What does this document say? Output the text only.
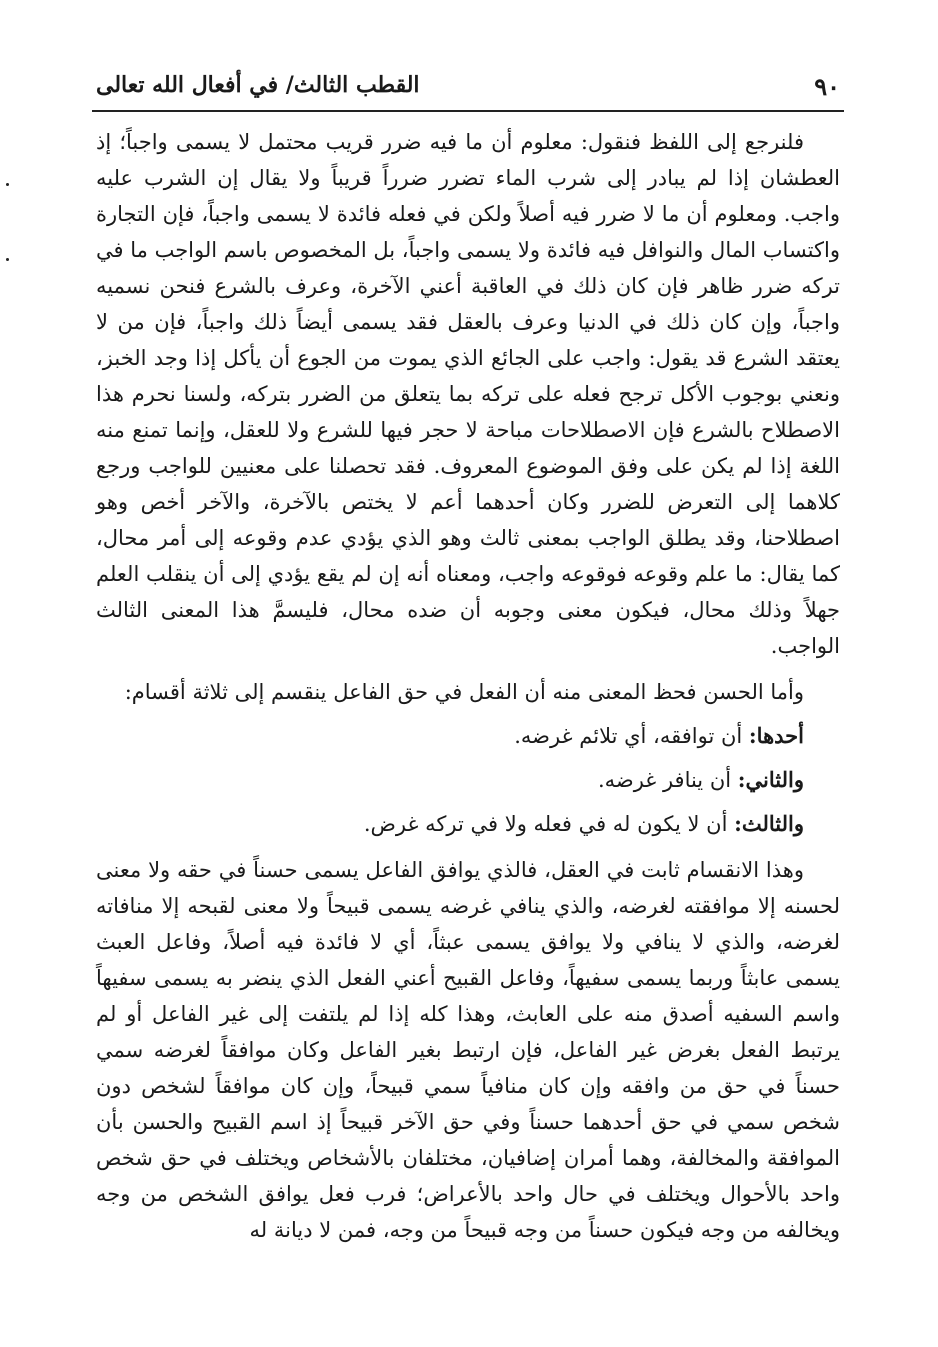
٩٠
القطب الثالث/ في أفعال الله تعالى

فلنرجع إلى اللفظ فنقول: معلوم أن ما فيه ضرر قريب محتمل لا يسمى واجباً؛ إذ العطشان إذا لم يبادر إلى شرب الماء تضرر ضرراً قريباً ولا يقال إن الشرب عليه واجب. ومعلوم أن ما لا ضرر فيه أصلاً ولكن في فعله فائدة لا يسمى واجباً، فإن التجارة واكتساب المال والنوافل فيه فائدة ولا يسمى واجباً، بل المخصوص باسم الواجب ما في تركه ضرر ظاهر فإن كان ذلك في العاقبة أعني الآخرة، وعرف بالشرع فنحن نسميه واجباً، وإن كان ذلك في الدنيا وعرف بالعقل فقد يسمى أيضاً ذلك واجباً، فإن من لا يعتقد الشرع قد يقول: واجب على الجائع الذي يموت من الجوع أن يأكل إذا وجد الخبز، ونعني بوجوب الأكل ترجح فعله على تركه بما يتعلق من الضرر بتركه، ولسنا نحرم هذا الاصطلاح بالشرع فإن الاصطلاحات مباحة لا حجر فيها للشرع ولا للعقل، وإنما تمنع منه اللغة إذا لم يكن على وفق الموضوع المعروف. فقد تحصلنا على معنيين للواجب ورجع كلاهما إلى التعرض للضرر وكان أحدهما أعم لا يختص بالآخرة، والآخر أخص وهو اصطلاحنا، وقد يطلق الواجب بمعنى ثالث وهو الذي يؤدي عدم وقوعه إلى أمر محال، كما يقال: ما علم وقوعه فوقوعه واجب، ومعناه أنه إن لم يقع يؤدي إلى أن ينقلب العلم جهلاً وذلك محال، فيكون معنى وجوبه أن ضده محال، فليسمَّ هذا المعنى الثالث الواجب.

وأما الحسن فحظ المعنى منه أن الفعل في حق الفاعل ينقسم إلى ثلاثة أقسام:

أحدها: أن توافقه، أي تلائم غرضه.

والثاني: أن ينافر غرضه.

والثالث: أن لا يكون له في فعله ولا في تركه غرض.

وهذا الانقسام ثابت في العقل، فالذي يوافق الفاعل يسمى حسناً في حقه ولا معنى لحسنه إلا موافقته لغرضه، والذي ينافي غرضه يسمى قبيحاً ولا معنى لقبحه إلا منافاته لغرضه، والذي لا ينافي ولا يوافق يسمى عبثاً، أي لا فائدة فيه أصلاً، وفاعل العبث يسمى عابثاً وربما يسمى سفيهاً، وفاعل القبيح أعني الفعل الذي ينضر به يسمى سفيهاً واسم السفيه أصدق منه على العابث، وهذا كله إذا لم يلتفت إلى غير الفاعل أو لم يرتبط الفعل بغرض غير الفاعل، فإن ارتبط بغير الفاعل وكان موافقاً لغرضه سمي حسناً في حق من وافقه وإن كان منافياً سمي قبيحاً، وإن كان موافقاً لشخص دون شخص سمي في حق أحدهما حسناً وفي حق الآخر قبيحاً إذ اسم القبيح والحسن بأن الموافقة والمخالفة، وهما أمران إضافيان، مختلفان بالأشخاص ويختلف في حق شخص واحد بالأحوال ويختلف في حال واحد بالأعراض؛ فرب فعل يوافق الشخص من وجه ويخالفه من وجه فيكون حسناً من وجه قبيحاً من وجه، فمن لا ديانة له
